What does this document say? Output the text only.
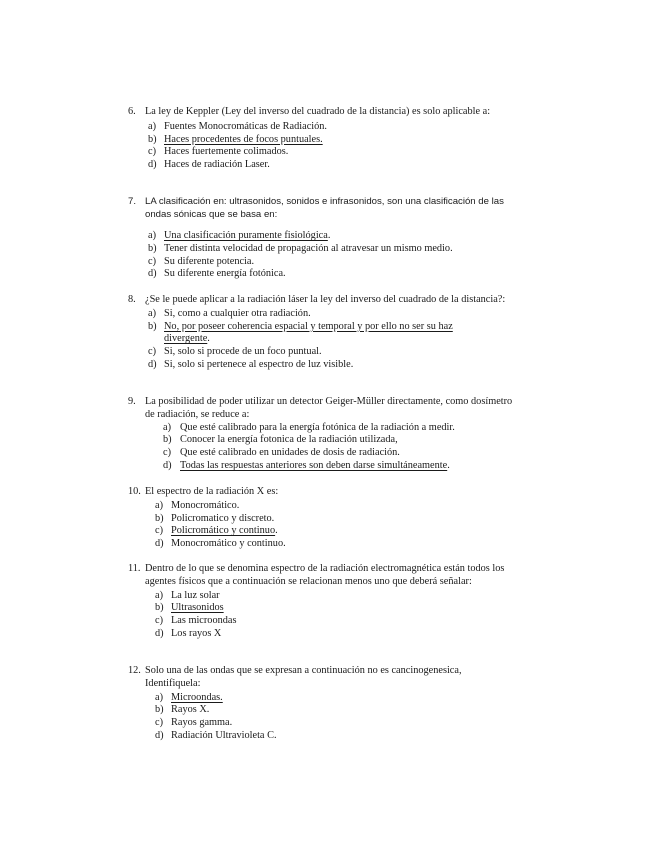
6. La ley de Keppler (Ley del inverso del cuadrado de la distancia) es solo aplicable a:
a) Fuentes Monocromáticas de Radiación.
b) Haces procedentes de focos puntuales.
c) Haces fuertemente colimados.
d) Haces de radiación Laser.
7. LA clasificación en: ultrasonidos, sonidos e infrasonidos, son una clasificación de las ondas sónicas que se basa en:
a) Una clasificación puramente fisiológica.
b) Tener distinta velocidad de propagación al atravesar un mismo medio.
c) Su diferente potencia.
d) Su diferente energía fotónica.
8. ¿Se le puede aplicar a la radiación láser la ley del inverso del cuadrado de la distancia?:
a) Si, como a cualquier otra radiación.
b) No, por poseer coherencia espacial y temporal y por ello no ser su haz divergente.
c) Si, solo si procede de un foco puntual.
d) Si, solo si pertenece al espectro de luz visible.
9. La posibilidad de poder utilizar un detector Geiger-Müller directamente, como dosímetro de radiación, se reduce a:
a) Que esté calibrado para la energía fotónica de la radiación a medir.
b) Conocer la energía fotonica de la radiación utilizada,
c) Que esté calibrado en unidades de dosis de radiación.
d) Todas las respuestas anteriores son deben darse simultáneamente.
10. El espectro de la radiación X es:
a) Monocromático.
b) Policromatico y discreto.
c) Policromático y continuo.
d) Monocromático y continuo.
11. Dentro de lo que se denomina espectro de la radiación electromagnética están todos los agentes físicos que a continuación se relacionan menos uno que deberá señalar:
a) La luz solar
b) Ultrasonidos
c) Las microondas
d) Los rayos X
12. Solo una de las ondas que se expresan a continuación no es cancinogenesica, Identifiquela:
a) Microondas.
b) Rayos X.
c) Rayos gamma.
d) Radiación Ultravioleta C.
